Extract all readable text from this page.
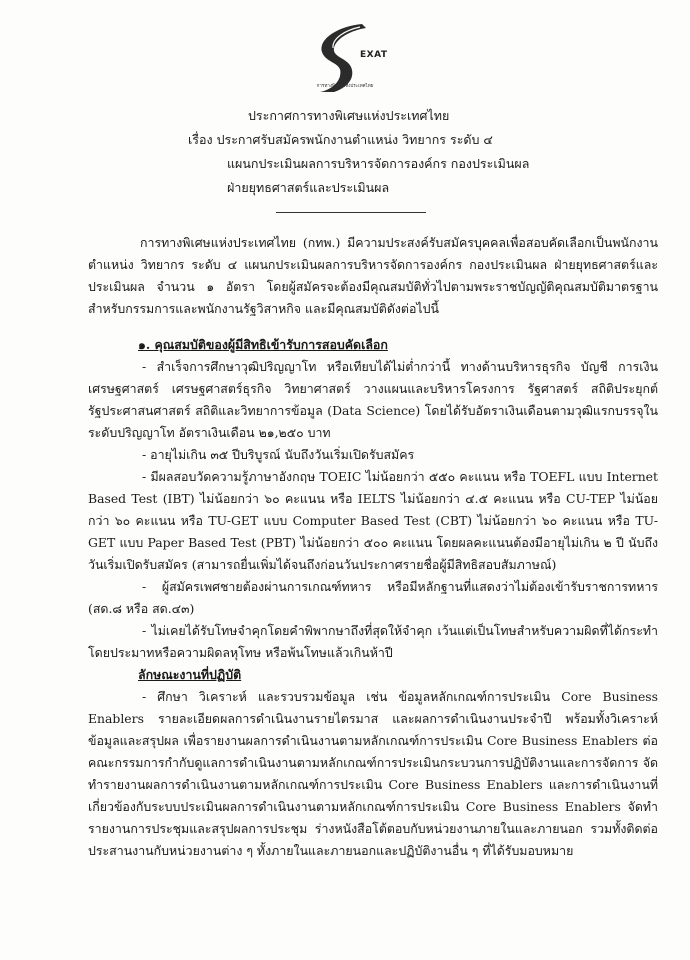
EXAT
การทางพิเศษแห่งประเทศไทย
ประกาศการทางพิเศษแห่งประเทศไทย
เรื่อง ประกาศรับสมัครพนักงานตำแหน่ง วิทยากร ระดับ ๔
แผนกประเมินผลการบริหารจัดการองค์กร กองประเมินผล
ฝ่ายยุทธศาสตร์และประเมินผล

การทางพิเศษแห่งประเทศไทย (กทพ.) มีความประสงค์รับสมัครบุคคลเพื่อสอบคัดเลือกเป็นพนักงานตำแหน่ง วิทยากร ระดับ ๔ แผนกประเมินผลการบริหารจัดการองค์กร กองประเมินผล ฝ่ายยุทธศาสตร์และประเมินผล จำนวน ๑ อัตรา โดยผู้สมัครจะต้องมีคุณสมบัติทั่วไปตามพระราชบัญญัติคุณสมบัติมาตรฐานสำหรับกรรมการและพนักงานรัฐวิสาหกิจ และมีคุณสมบัติดังต่อไปนี้

๑. คุณสมบัติของผู้มีสิทธิเข้ารับการสอบคัดเลือก

- สำเร็จการศึกษาวุฒิปริญญาโท หรือเทียบได้ไม่ต่ำกว่านี้ ทางด้านบริหารธุรกิจ บัญชี การเงิน เศรษฐศาสตร์ เศรษฐศาสตร์ธุรกิจ วิทยาศาสตร์ วางแผนและบริหารโครงการ รัฐศาสตร์ สถิติประยุกต์ รัฐประศาสนศาสตร์ สถิติและวิทยาการข้อมูล (Data Science) โดยได้รับอัตราเงินเดือนตามวุฒิแรกบรรจุในระดับปริญญาโท อัตราเงินเดือน ๒๑,๒๕๐ บาท

- อายุไม่เกิน ๓๕ ปีบริบูรณ์ นับถึงวันเริ่มเปิดรับสมัคร

- มีผลสอบวัดความรู้ภาษาอังกฤษ TOEIC ไม่น้อยกว่า ๕๕๐ คะแนน หรือ TOEFL แบบ Internet Based Test (IBT) ไม่น้อยกว่า ๖๐ คะแนน หรือ IELTS ไม่น้อยกว่า ๔.๕ คะแนน หรือ CU-TEP ไม่น้อยกว่า ๖๐ คะแนน หรือ TU-GET แบบ Computer Based Test (CBT) ไม่น้อยกว่า ๖๐ คะแนน หรือ TU-GET แบบ Paper Based Test (PBT) ไม่น้อยกว่า ๕๐๐ คะแนน โดยผลคะแนนต้องมีอายุไม่เกิน ๒ ปี นับถึงวันเริ่มเปิดรับสมัคร (สามารถยื่นเพิ่มได้จนถึงก่อนวันประกาศรายชื่อผู้มีสิทธิสอบสัมภาษณ์)

- ผู้สมัครเพศชายต้องผ่านการเกณฑ์ทหาร หรือมีหลักฐานที่แสดงว่าไม่ต้องเข้ารับราชการทหาร (สด.๘ หรือ สด.๔๓)

- ไม่เคยได้รับโทษจำคุกโดยคำพิพากษาถึงที่สุดให้จำคุก เว้นแต่เป็นโทษสำหรับความผิดที่ได้กระทำโดยประมาทหรือความผิดลหุโทษ หรือพ้นโทษแล้วเกินห้าปี

ลักษณะงานที่ปฏิบัติ

- ศึกษา วิเคราะห์ และรวบรวมข้อมูล เช่น ข้อมูลหลักเกณฑ์การประเมิน Core Business Enablers รายละเอียดผลการดำเนินงานรายไตรมาส และผลการดำเนินงานประจำปี พร้อมทั้งวิเคราะห์ข้อมูลและสรุปผล เพื่อรายงานผลการดำเนินงานตามหลักเกณฑ์การประเมิน Core Business Enablers ต่อคณะกรรมการกำกับดูแลการดำเนินงานตามหลักเกณฑ์การประเมินกระบวนการปฏิบัติงานและการจัดการ จัดทำรายงานผลการดำเนินงานตามหลักเกณฑ์การประเมิน Core Business Enablers และการดำเนินงานที่เกี่ยวข้องกับระบบประเมินผลการดำเนินงานตามหลักเกณฑ์การประเมิน Core Business Enablers จัดทำรายงานการประชุมและสรุปผลการประชุม ร่างหนังสือโต้ตอบกับหน่วยงานภายในและภายนอก รวมทั้งติดต่อประสานงานกับหน่วยงานต่าง ๆ ทั้งภายในและภายนอกและปฏิบัติงานอื่น ๆ ที่ได้รับมอบหมาย
